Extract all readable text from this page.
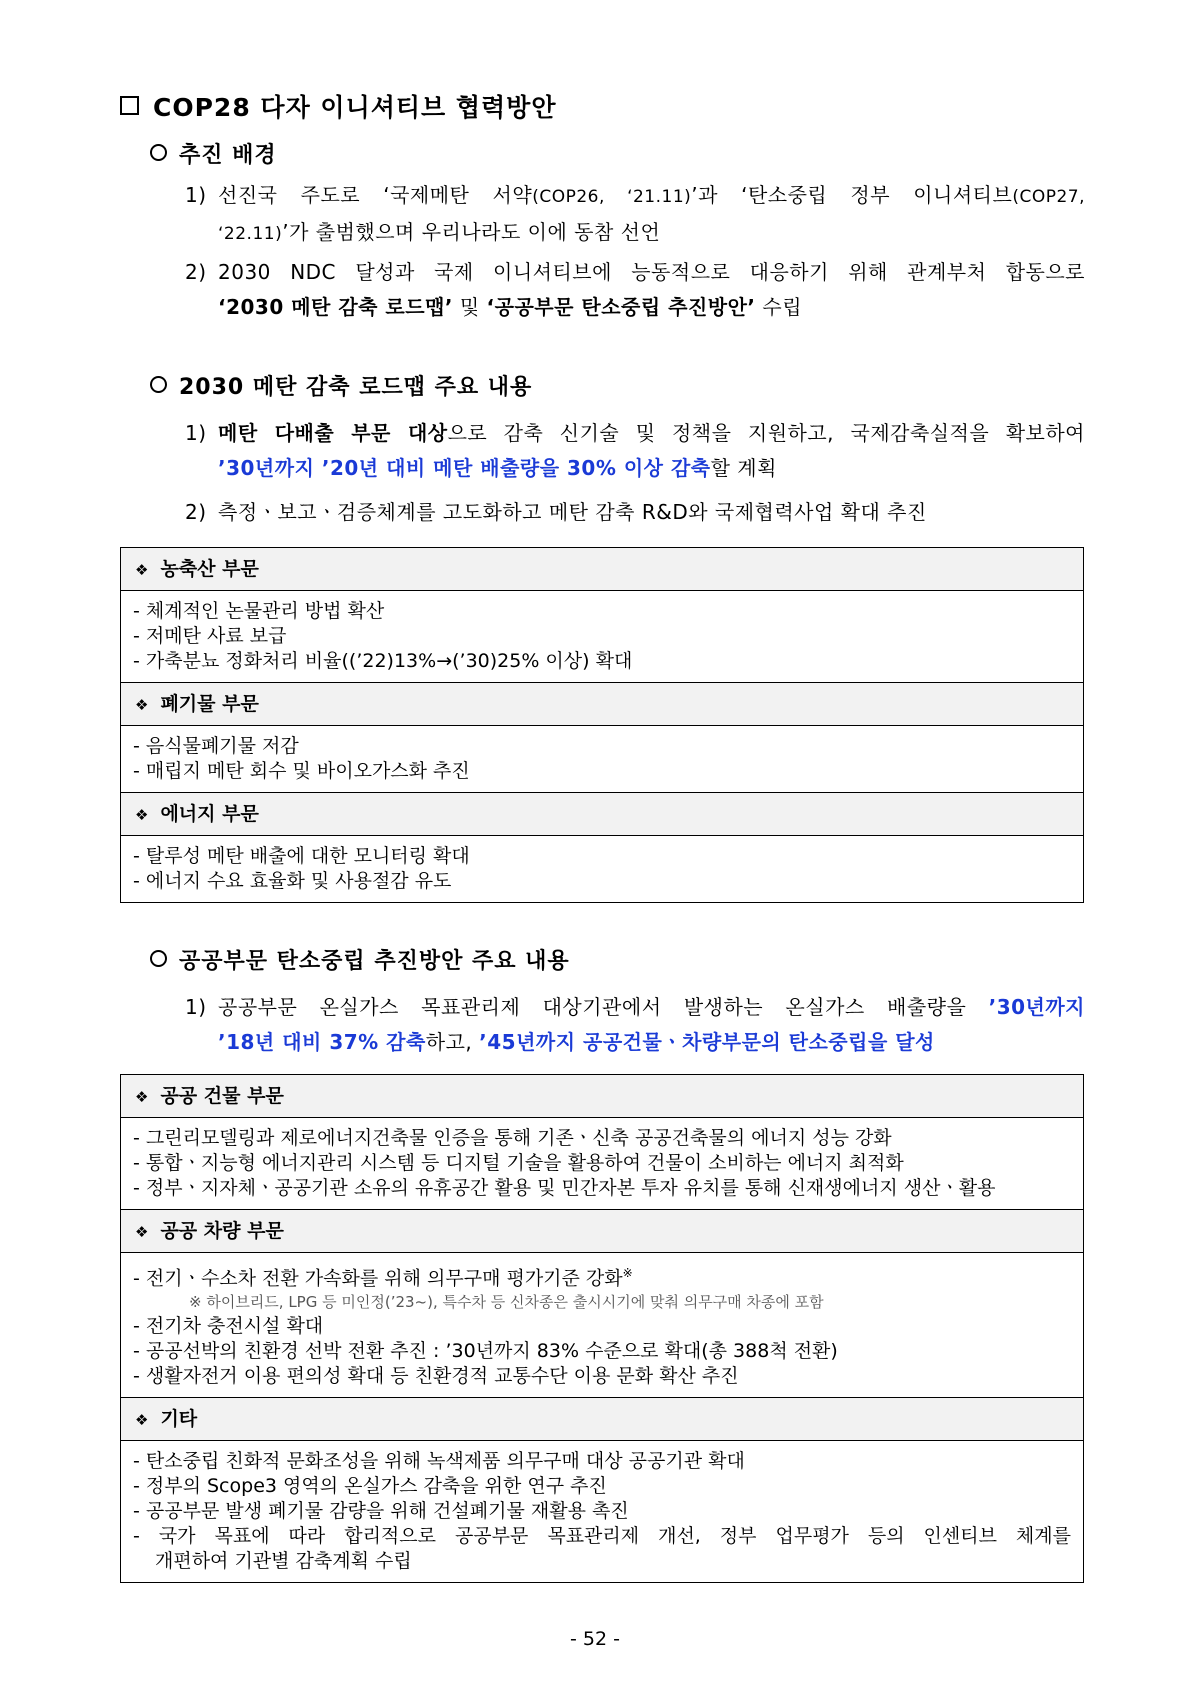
COP28 다자 이니셔티브 협력방안
추진 배경
1) 선진국 주도로 ‘국제메탄 서약(COP26, ‘21.11)’과 ‘탄소중립 정부 이니셔티브(COP27,
‘22.11)’가 출범했으며 우리나라도 이에 동참 선언
2) 2030 NDC 달성과 국제 이니셔티브에 능동적으로 대응하기 위해 관계부처 합동으로
‘2030 메탄 감축 로드맵’ 및 ‘공공부문 탄소중립 추진방안’ 수립
2030 메탄 감축 로드맵 주요 내용
1) 메탄 다배출 부문 대상으로 감축 신기술 및 정책을 지원하고, 국제감축실적을 확보하여
’30년까지 ’20년 대비 메탄 배출량을 30% 이상 감축할 계획
2) 측정ㆍ보고ㆍ검증체계를 고도화하고 메탄 감축 R&D와 국제협력사업 확대 추진
❖ 농축산 부문
- 체계적인 논물관리 방법 확산
- 저메탄 사료 보급
- 가축분뇨 정화처리 비율((’22)13%→(’30)25% 이상) 확대
❖ 폐기물 부문
- 음식물폐기물 저감
- 매립지 메탄 회수 및 바이오가스화 추진
❖ 에너지 부문
- 탈루성 메탄 배출에 대한 모니터링 확대
- 에너지 수요 효율화 및 사용절감 유도
공공부문 탄소중립 추진방안 주요 내용
1) 공공부문 온실가스 목표관리제 대상기관에서 발생하는 온실가스 배출량을 ’30년까지
’18년 대비 37% 감축하고, ’45년까지 공공건물ㆍ차량부문의 탄소중립을 달성
❖ 공공 건물 부문
- 그린리모델링과 제로에너지건축물 인증을 통해 기존ㆍ신축 공공건축물의 에너지 성능 강화
- 통합ㆍ지능형 에너지관리 시스템 등 디지털 기술을 활용하여 건물이 소비하는 에너지 최적화
- 정부ㆍ지자체ㆍ공공기관 소유의 유휴공간 활용 및 민간자본 투자 유치를 통해 신재생에너지 생산ㆍ활용
❖ 공공 차량 부문
- 전기ㆍ수소차 전환 가속화를 위해 의무구매 평가기준 강화※
※ 하이브리드, LPG 등 미인정(’23~), 특수차 등 신차종은 출시시기에 맞춰 의무구매 차종에 포함
- 전기차 충전시설 확대
- 공공선박의 친환경 선박 전환 추진 : ’30년까지 83% 수준으로 확대(총 388척 전환)
- 생활자전거 이용 편의성 확대 등 친환경적 교통수단 이용 문화 확산 추진
❖ 기타
- 탄소중립 친화적 문화조성을 위해 녹색제품 의무구매 대상 공공기관 확대
- 정부의 Scope3 영역의 온실가스 감축을 위한 연구 추진
- 공공부문 발생 폐기물 감량을 위해 건설폐기물 재활용 촉진
- 국가 목표에 따라 합리적으로 공공부문 목표관리제 개선, 정부 업무평가 등의 인센티브 체계를
개편하여 기관별 감축계획 수립
- 52 -
